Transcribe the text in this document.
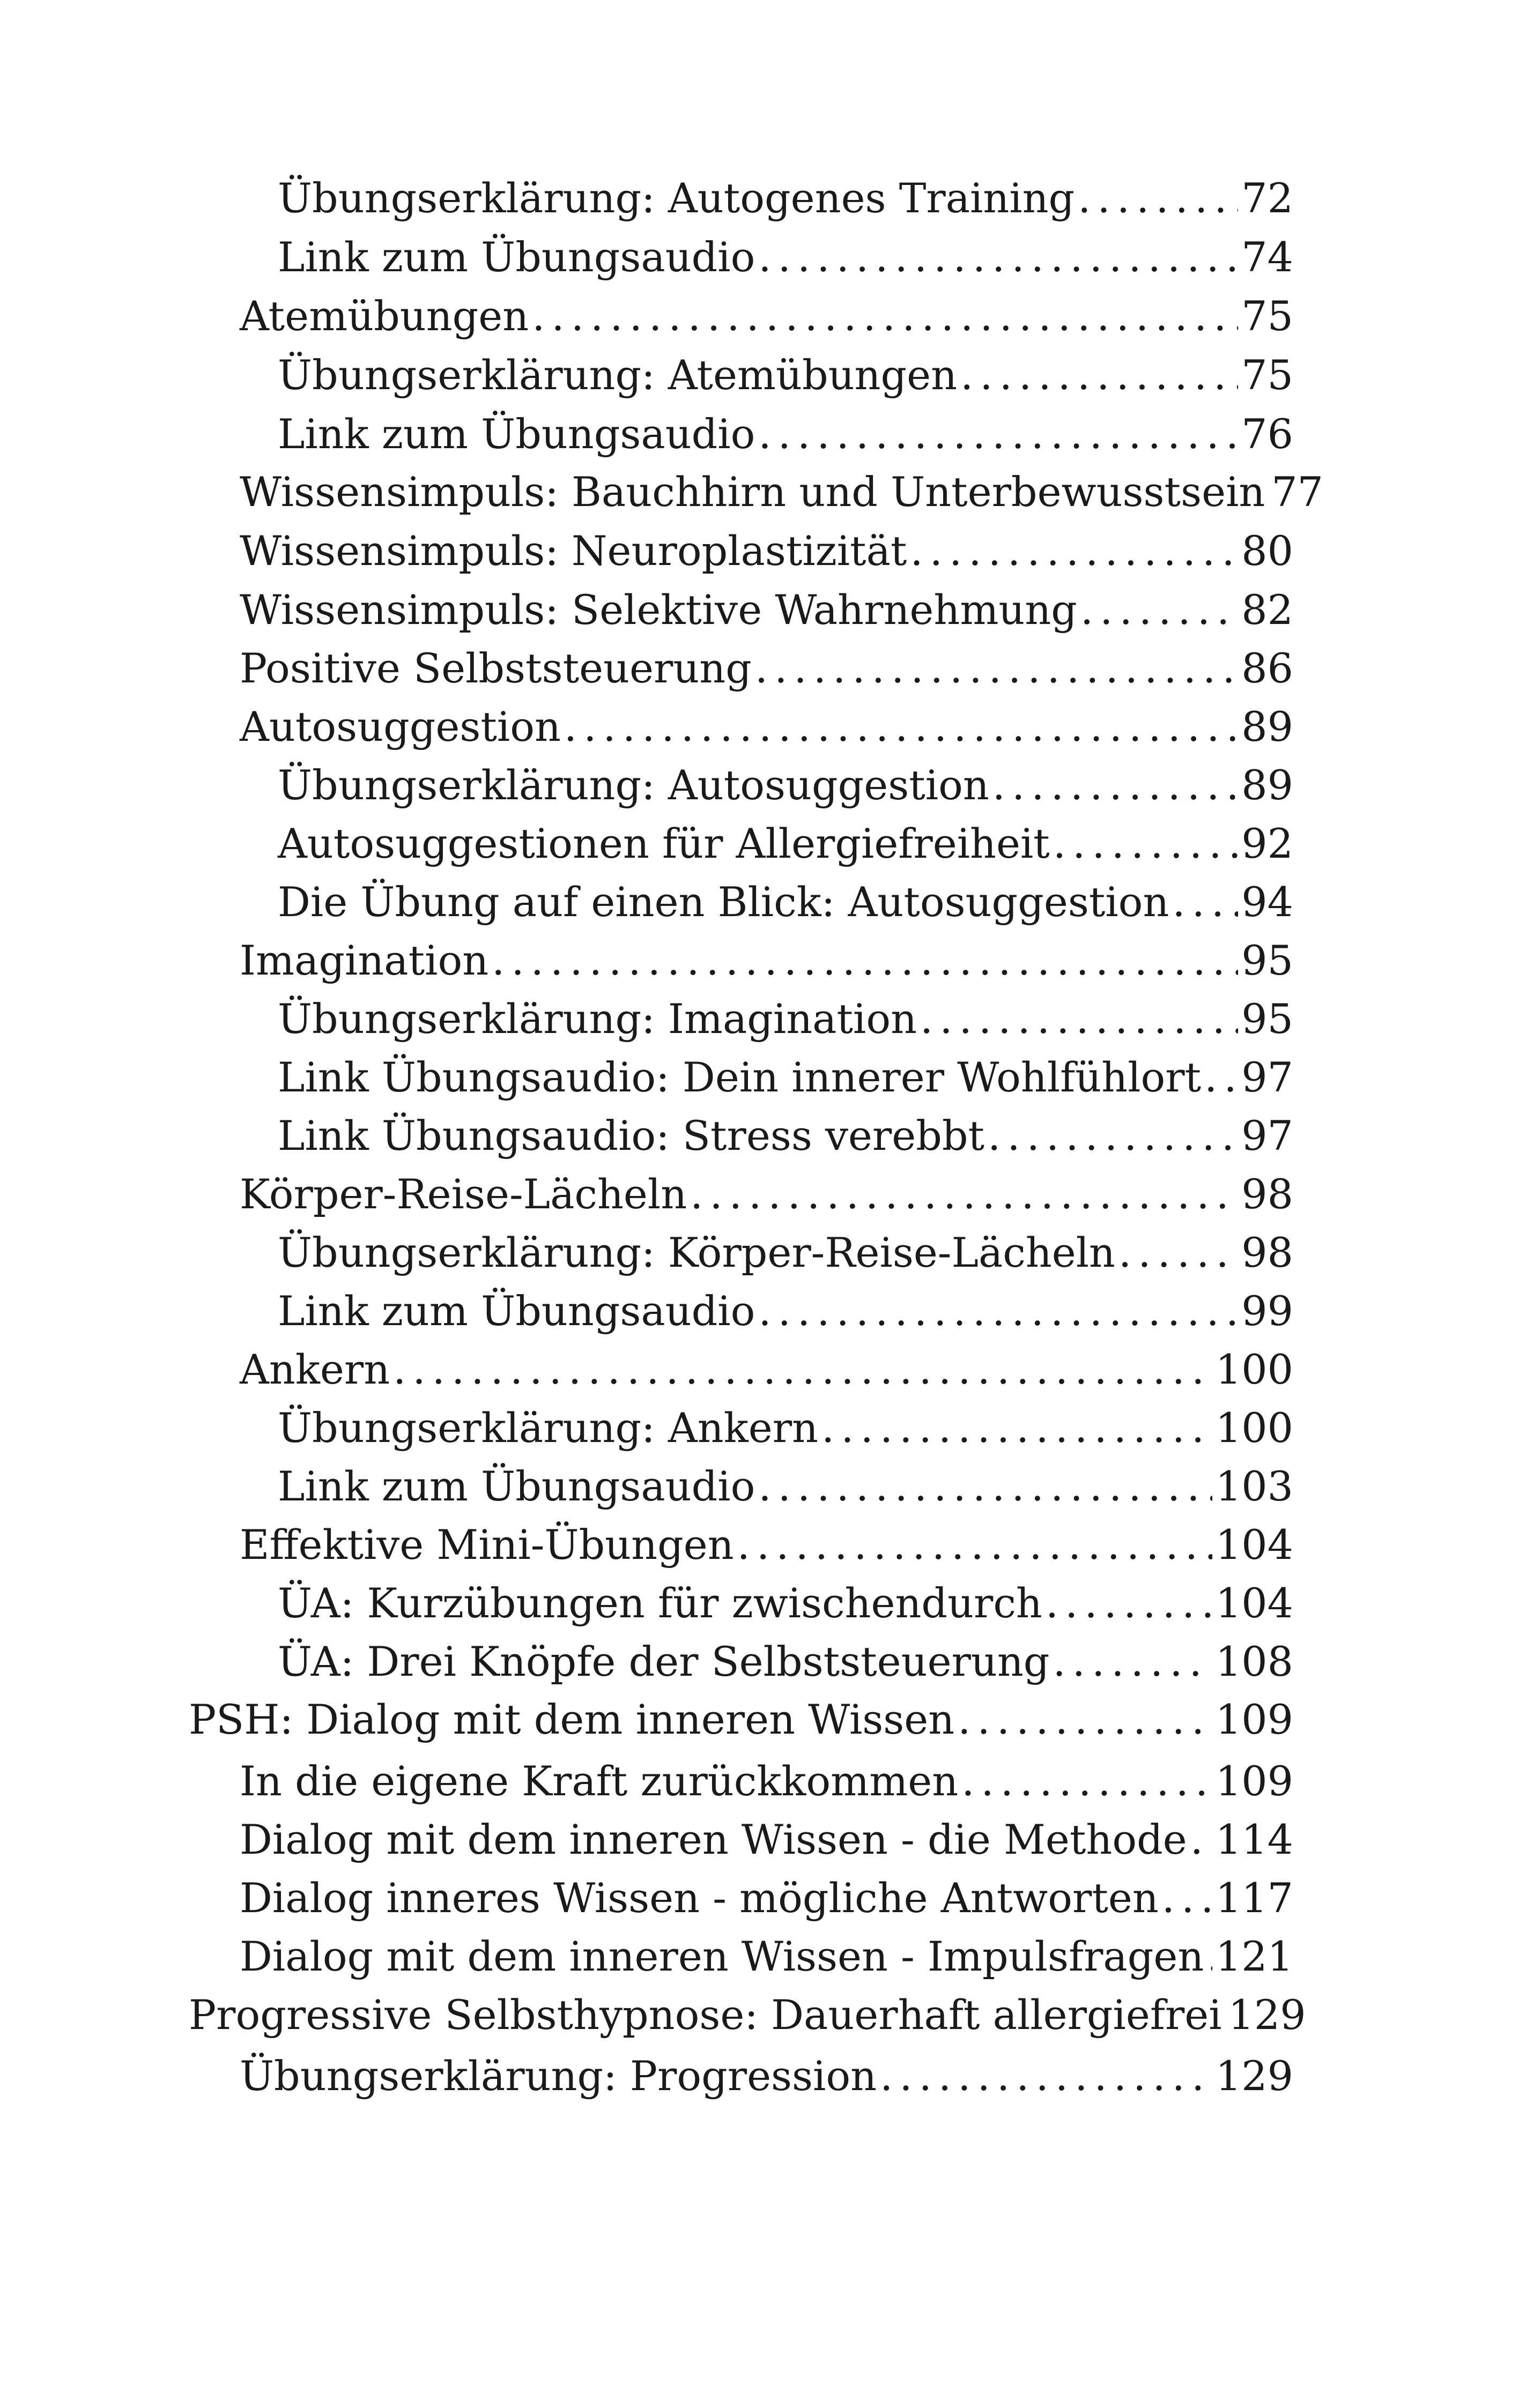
Übungserklärung: Autogenes Training . . .	72
Link zum Übungsaudio . . .	74
Atemübungen . . .	75
Übungserklärung: Atemübungen . . .	75
Link zum Übungsaudio . . .	76
Wissensimpuls: Bauchhirn und Unterbewusstsein 77
Wissensimpuls: Neuroplastizität . . .	80
Wissensimpuls: Selektive Wahrnehmung . . .	82
Positive Selbststeuerung . . .	86
Autosuggestion . . .	89
Übungserklärung: Autosuggestion . . .	89
Autosuggestionen für Allergiefreiheit . . .	92
Die Übung auf einen Blick: Autosuggestion . . . 94
Imagination . . .	95
Übungserklärung: Imagination . . .	95
Link Übungsaudio: Dein innerer Wohlfühlort . . . 97
Link Übungsaudio: Stress verebbt . . .	97
Körper-Reise-Lächeln . . .	98
Übungserklärung: Körper-Reise-Lächeln . . .	98
Link zum Übungsaudio . . .	99
Ankern . . .	100
Übungserklärung: Ankern . . .	100
Link zum Übungsaudio . . .	103
Effektive Mini-Übungen . . .	104
ÜA: Kurzübungen für zwischendurch . . .	104
ÜA: Drei Knöpfe der Selbststeuerung . . .	108
PSH: Dialog mit dem inneren Wissen . . .	109
In die eigene Kraft zurückkommen . . .	109
Dialog mit dem inneren Wissen - die Methode . . . 114
Dialog inneres Wissen - mögliche Antworten . . . 117
Dialog mit dem inneren Wissen - Impulsfragen . . . 121
Progressive Selbsthypnose: Dauerhaft allergiefrei 129
Übungserklärung: Progression . . .	129
